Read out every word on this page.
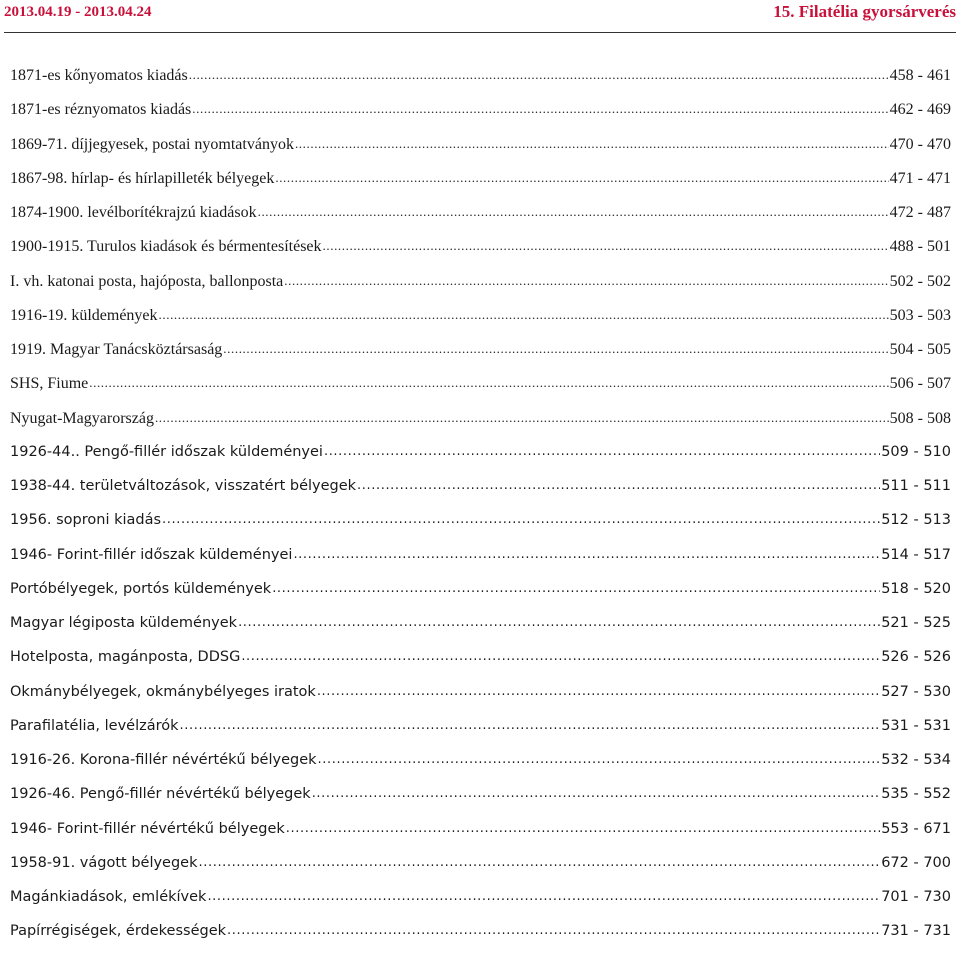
2013.04.19 - 2013.04.24	15. Filatélia gyorsárverés
1871-es kőnyomatos kiadás .....	458 - 461
1871-es réznyomatos kiadás .....	462 - 469
1869-71. díjjegyesek, postai nyomtatványok .....	470 - 470
1867-98. hírlap- és hírlapilleték bélyegek .....	471 - 471
1874-1900. levélborítékrajzú kiadások .....	472 - 487
1900-1915. Turulos kiadások és bérmentesítések .....	488 - 501
I. vh. katonai posta, hajóposta, ballonposta .....	502 - 502
1916-19. küldemények .....	503 - 503
1919. Magyar Tanácsköztársaság .....	504 - 505
SHS, Fiume .....	506 - 507
Nyugat-Magyarország .....	508 - 508
1926-44.. Pengő-fillér időszak küldeményei .....	509 - 510
1938-44. területváltozások, visszatért bélyegek .....	511 - 511
1956. soproni kiadás .....	512 - 513
1946- Forint-fillér időszak küldeményei .....	514 - 517
Portóbélyegek, portós küldemények .....	518 - 520
Magyar légiposta küldemények .....	521 - 525
Hotelposta, magánposta, DDSG .....	526 - 526
Okmánybélyegek, okmánybélyeges iratok .....	527 - 530
Parafilatélia, levélzárók .....	531 - 531
1916-26. Korona-fillér névértékű bélyegek .....	532 - 534
1926-46. Pengő-fillér névértékű bélyegek .....	535 - 552
1946- Forint-fillér névértékű bélyegek .....	553 - 671
1958-91. vágott bélyegek .....	672 - 700
Magánkiadások, emlékívek .....	701 - 730
Papírrégiségek, érdekességek .....	731 - 731
